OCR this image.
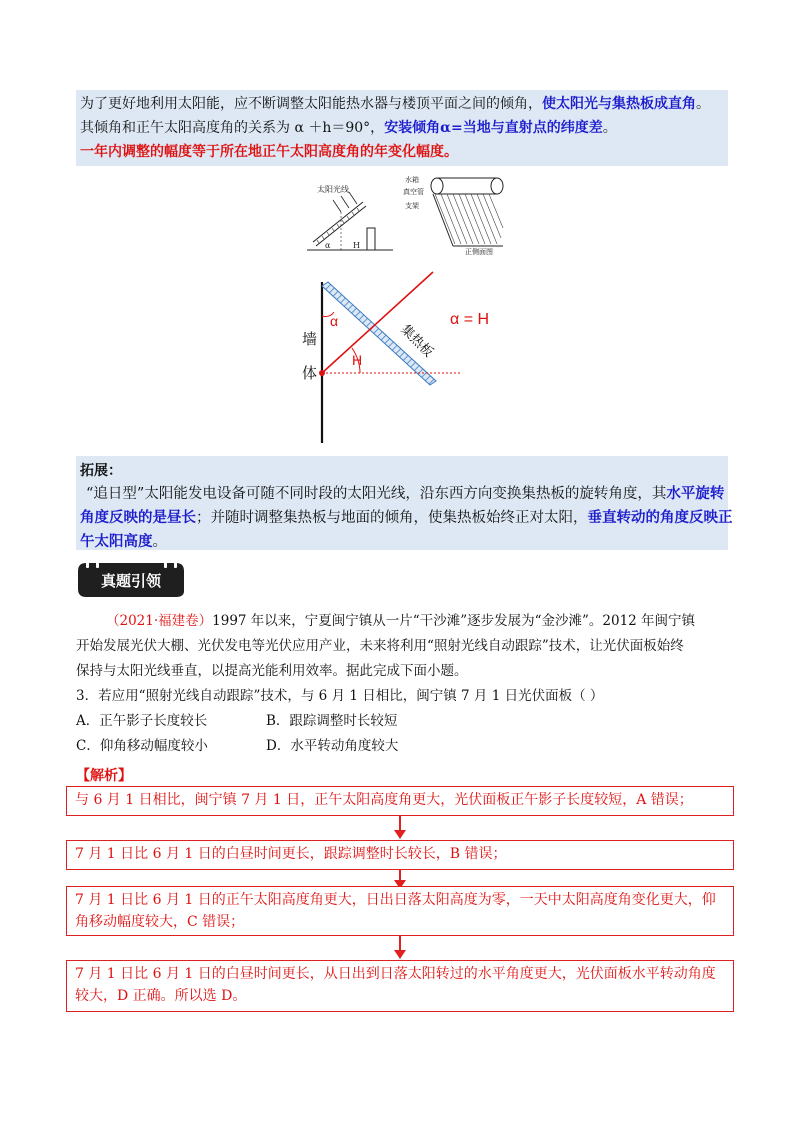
为了更好地利用太阳能，应不断调整太阳能热水器与楼顶平面之间的倾角，使太阳光与集热板成直角。
其倾角和正午太阳高度角的关系为 α ＋h＝90°，安装倾角α=当地与直射点的纬度差。
一年内调整的幅度等于所在地正午太阳高度角的年变化幅度。
太阳光线
α	H
水箱
真空管
支架
正侧面图
α
H
墙
体
集热板
α = H
拓展：
“追日型”太阳能发电设备可随不同时段的太阳光线，沿东西方向变换集热板的旋转角度，其水平旋转
角度反映的是昼长；并随时调整集热板与地面的倾角，使集热板始终正对太阳，垂直转动的角度反映正
午太阳高度。
真题引领
（2021·福建卷）1997 年以来，宁夏闽宁镇从一片“干沙滩”逐步发展为“金沙滩”。2012 年闽宁镇
开始发展光伏大棚、光伏发电等光伏应用产业，未来将利用“照射光线自动跟踪”技术，让光伏面板始终
保持与太阳光线垂直，以提高光能利用效率。据此完成下面小题。
3．若应用“照射光线自动跟踪”技术，与 6 月 1 日相比，闽宁镇 7 月 1 日光伏面板（ ）
A．正午影子长度较长	B．跟踪调整时长较短
C．仰角移动幅度较小	D．水平转动角度较大
【解析】
与 6 月 1 日相比，闽宁镇 7 月 1 日，正午太阳高度角更大，光伏面板正午影子长度较短，A 错误；
7 月 1 日比 6 月 1 日的白昼时间更长，跟踪调整时长较长，B 错误；
7 月 1 日比 6 月 1 日的正午太阳高度角更大，日出日落太阳高度为零，一天中太阳高度角变化更大，仰角移动幅度较大，C 错误；
7 月 1 日比 6 月 1 日的白昼时间更长，从日出到日落太阳转过的水平角度更大，光伏面板水平转动角度较大，D 正确。所以选 D。
